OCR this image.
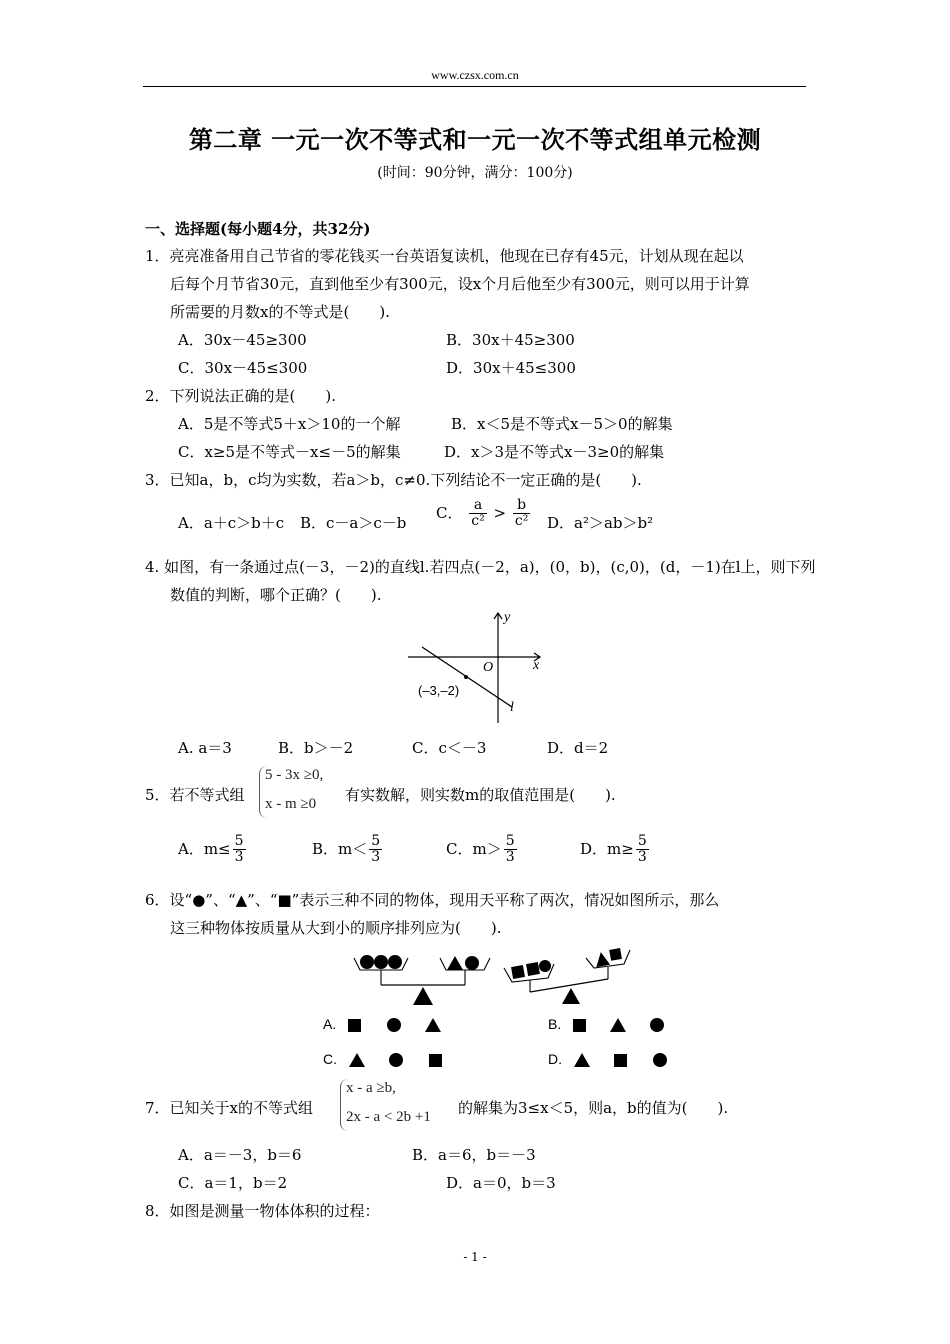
www.czsx.com.cn
第二章 一元一次不等式和一元一次不等式组单元检测
(时间：90分钟，满分：100分)
一、选择题(每小题4分，共32分)
1．亮亮准备用自己节省的零花钱买一台英语复读机，他现在已存有45元，计划从现在起以
后每个月节省30元，直到他至少有300元，设x个月后他至少有300元，则可以用于计算
所需要的月数x的不等式是(　　).
A．30x－45≥300	B．30x＋45≥300
C．30x－45≤300	D．30x＋45≤300
2．下列说法正确的是(　　).
A．5是不等式5＋x＞10的一个解	B．x＜5是不等式x－5＞0的解集
C．x≥5是不等式－x≤－5的解集	D．x＞3是不等式x－3≥0的解集
3．已知a，b，c均为实数，若a＞b，c≠0.下列结论不一定正确的是(　　).
A．a＋c＞b＋c B．c－a＞c－b
C． $\frac{a}{\text{c²}} > \frac{b}{\text{c²}}$ D．a²＞ab＞b²
4. 如图，有一条通过点(－3，－2)的直线l.若四点(－2，a)，(0，b)，(c,0)，(d，－1)在l上，则下列
数值的判断，哪个正确？(　　).
y
x
O
(–3,–2)
l
A. a＝3	B．b＞－2	C．c＜－3	D．d＝2
5．若不等式组
5 - 3x ≥0,
x - m ≥0 有实数解，则实数m的取值范围是(　　).
A．$m\le \frac{5}{3}$	B．$m< \frac{5}{3}$	C．$m> \frac{5}{3}$	D．$m\ge \frac{5}{3}$
6．设“●”、“▲”、“■”表示三种不同的物体，现用天平称了两次，情况如图所示，那么
这三种物体按质量从大到小的顺序排列应为(　　).
A.	B.
C.	D.
7．已知关于x的不等式组
x - a ≥b,
2x - a < 2b +1 的解集为3≤x＜5，则a，b的值为(　　).
A．a＝－3，b＝6	B．a＝6，b＝－3
C．a＝1，b＝2	D．a＝0，b＝3
8．如图是测量一物体体积的过程：
- 1 -
